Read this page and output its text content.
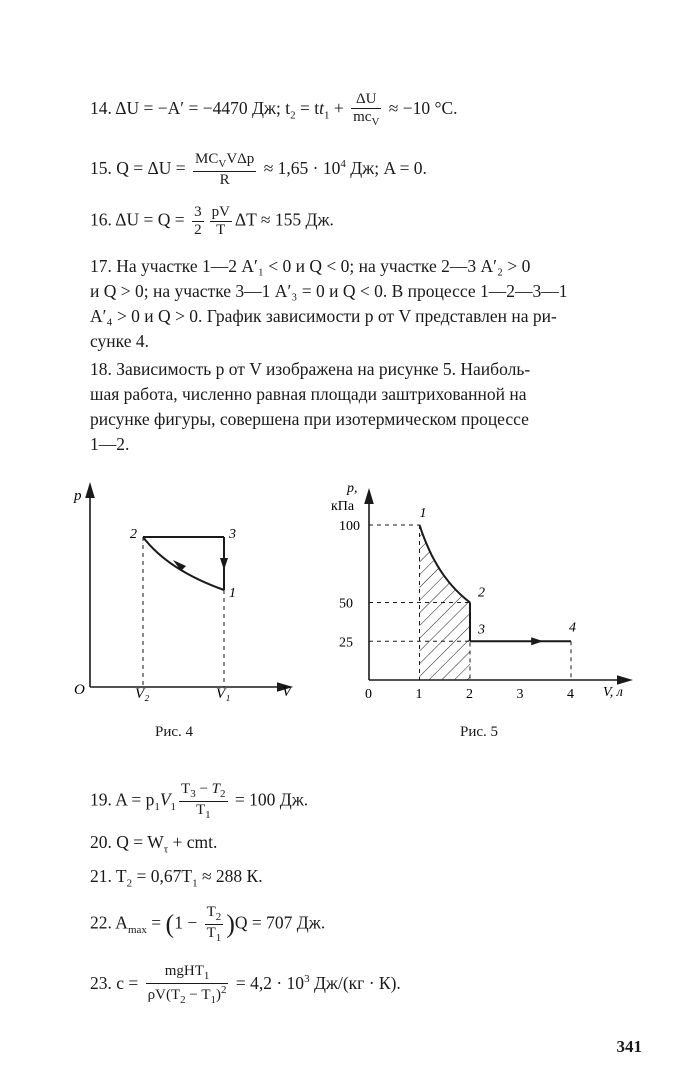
14. ΔU = −A′ = −4470 Дж; $t_2 = tt_1 + \frac{\Delta U}{mc_V} \approx -10$ °C.
15. $Q = \Delta U = \frac{MC_VV\Delta p}{R} \approx 1,65 \cdot 10^4$ Дж; A = 0.
16. $\Delta U = Q = \frac{3}{2} \frac{pV}{T}$ ΔT ≈ 155 Дж.
17. На участке 1—2 A′₁ < 0 и Q < 0; на участке 2—3 A′₂ > 0
и Q > 0; на участке 3—1 A′₃ = 0 и Q < 0. В процессе 1—2—3—1
A′₄ > 0 и Q > 0. График зависимости p от V представлен на ри-
сунке 4.
18. Зависимость p от V изображена на рисунке 5. Наиболь-
шая работа, численно равная площади заштрихованной на
рисунке фигуры, совершена при изотермическом процессе
1—2.
p
V
O
2	3
1
V₂	V₁
Рис. 4
1
2
3	4
100
50
25
0	1	2	3	4
p,
кПа
V, л
Рис. 5
19. $A = p_1V_1 \frac{T_3 - T_2}{T_1} = 100$ Дж.
20. $Q = W_\tau$ + cmt.
21. $T_2 = 0,67T_1 \approx 288$ К.
22. $A_{max} = (1 - \frac{T_2}{T_1} )Q = 707$ Дж.
23. $c = \frac{mgHT_1}{\rho V(T_2 - T_1)^2} = 4,2 \cdot 10^3$ Дж/(кг · К).
341
